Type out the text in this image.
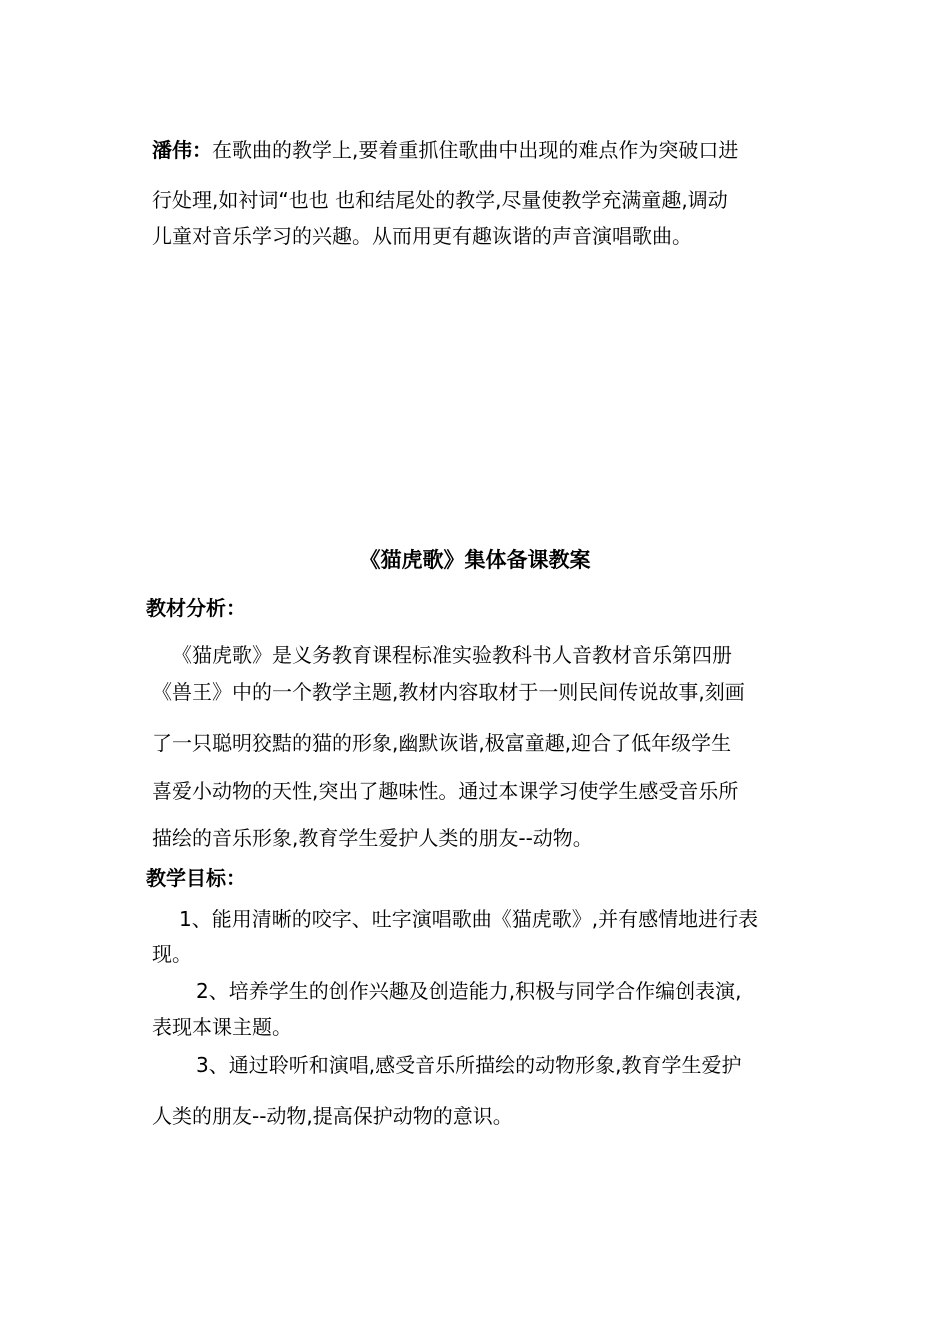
潘伟：在歌曲的教学上,要着重抓住歌曲中出现的难点作为突破口进
行处理,如衬词“也也 也和结尾处的教学,尽量使教学充满童趣,调动
儿童对音乐学习的兴趣。从而用更有趣诙谐的声音演唱歌曲。
《猫虎歌》集体备课教案
教材分析：
《猫虎歌》是义务教育课程标准实验教科书人音教材音乐第四册
《兽王》中的一个教学主题,教材内容取材于一则民间传说故事,刻画
了一只聪明狡黠的猫的形象,幽默诙谐,极富童趣,迎合了低年级学生
喜爱小动物的天性,突出了趣味性。通过本课学习使学生感受音乐所
描绘的音乐形象,教育学生爱护人类的朋友--动物。
教学目标：
1、能用清晰的咬字、吐字演唱歌曲《猫虎歌》,并有感情地进行表
现。
2、培养学生的创作兴趣及创造能力,积极与同学合作编创表演,
表现本课主题。
3、通过聆听和演唱,感受音乐所描绘的动物形象,教育学生爱护
人类的朋友--动物,提高保护动物的意识。
